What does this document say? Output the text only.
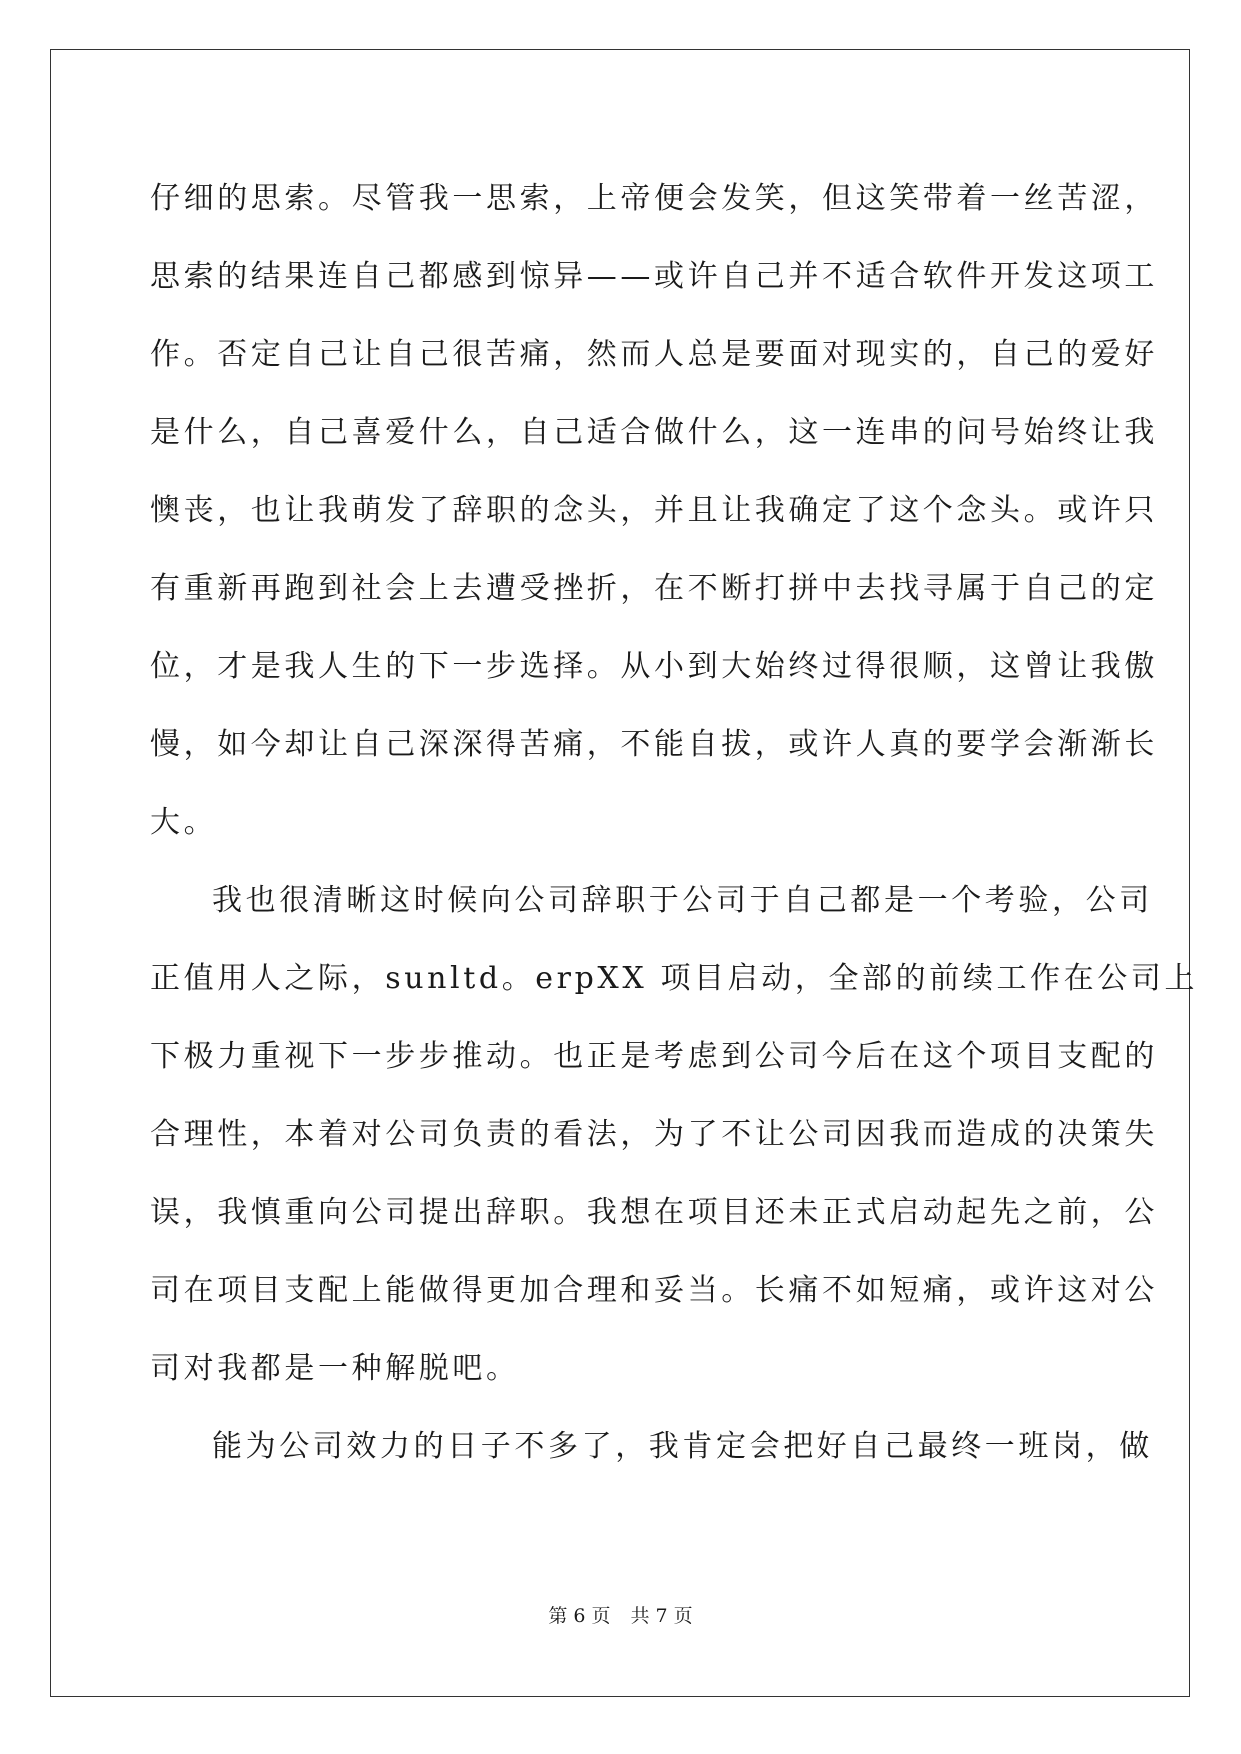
仔细的思索。尽管我一思索，上帝便会发笑，但这笑带着一丝苦涩，
思索的结果连自己都感到惊异——或许自己并不适合软件开发这项工
作。否定自己让自己很苦痛，然而人总是要面对现实的，自己的爱好
是什么，自己喜爱什么，自己适合做什么，这一连串的问号始终让我
懊丧，也让我萌发了辞职的念头，并且让我确定了这个念头。或许只
有重新再跑到社会上去遭受挫折，在不断打拼中去找寻属于自己的定
位，才是我人生的下一步选择。从小到大始终过得很顺，这曾让我傲
慢，如今却让自己深深得苦痛，不能自拔，或许人真的要学会渐渐长
大。
我也很清晰这时候向公司辞职于公司于自己都是一个考验，公司
正值用人之际，sunltd。erpXX 项目启动，全部的前续工作在公司上
下极力重视下一步步推动。也正是考虑到公司今后在这个项目支配的
合理性，本着对公司负责的看法，为了不让公司因我而造成的决策失
误，我慎重向公司提出辞职。我想在项目还未正式启动起先之前，公
司在项目支配上能做得更加合理和妥当。长痛不如短痛，或许这对公
司对我都是一种解脱吧。
能为公司效力的日子不多了，我肯定会把好自己最终一班岗，做
第 6 页 共 7 页
